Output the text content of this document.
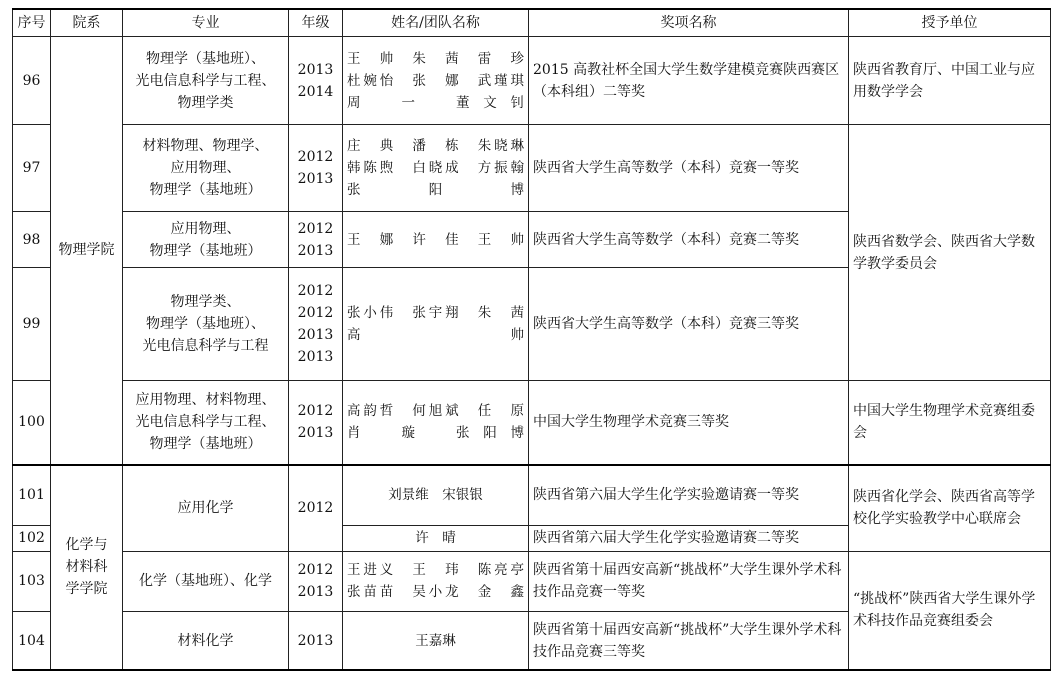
序号	院系	专业	年级	姓名/团队名称	奖项名称	授予单位
96	物理学院	物理学（基地班）、
光电信息科学与工程、
物理学类	2013
2014	王　帅　朱　茜　雷　珍
杜婉怡　张　娜　武瑾琪
周　一　董文钊	2015 高教社杯全国大学生数学建模竞赛陕西赛区（本科组）二等奖	陕西省教育厅、中国工业与应用数学学会
97		材料物理、物理学、
应用物理、
物理学（基地班）	2012
2013	庄　典　潘　栋　朱晓琳
韩陈煦　白晓成　方振翰
张阳博	陕西省大学生高等数学（本科）竞赛一等奖	陕西省数学会、陕西省大学数学教学委员会
98		应用物理、
物理学（基地班）	2012
2013	王　娜　许　佳　王　帅	陕西省大学生高等数学（本科）竞赛二等奖	
99		物理学类、
物理学（基地班）、
光电信息科学与工程	2012
2012
2013
2013	张小伟　张宇翔　朱　茜
高　帅	陕西省大学生高等数学（本科）竞赛三等奖	
100		应用物理、材料物理、
光电信息科学与工程、
物理学（基地班）	2012
2013	高韵哲　何旭斌　任　原
肖　璇　张阳博	中国大学生物理学术竞赛三等奖	中国大学生物理学术竞赛组委会
101	化学与
材料科
学学院	应用化学	2012	刘景维　宋银银	陕西省第六届大学生化学实验邀请赛一等奖	陕西省化学会、陕西省高等学校化学实验教学中心联席会
102				许　晴	陕西省第六届大学生化学实验邀请赛二等奖	
103		化学（基地班）、化学	2012
2013	王进义　王　玮　陈亮亭
张苗苗　吴小龙　金　鑫	陕西省第十届西安高新“挑战杯”大学生课外学术科技作品竞赛一等奖	“挑战杯”陕西省大学生课外学术科技作品竞赛组委会
104		材料化学	2013	王嘉琳	陕西省第十届西安高新“挑战杯”大学生课外学术科技作品竞赛三等奖	
